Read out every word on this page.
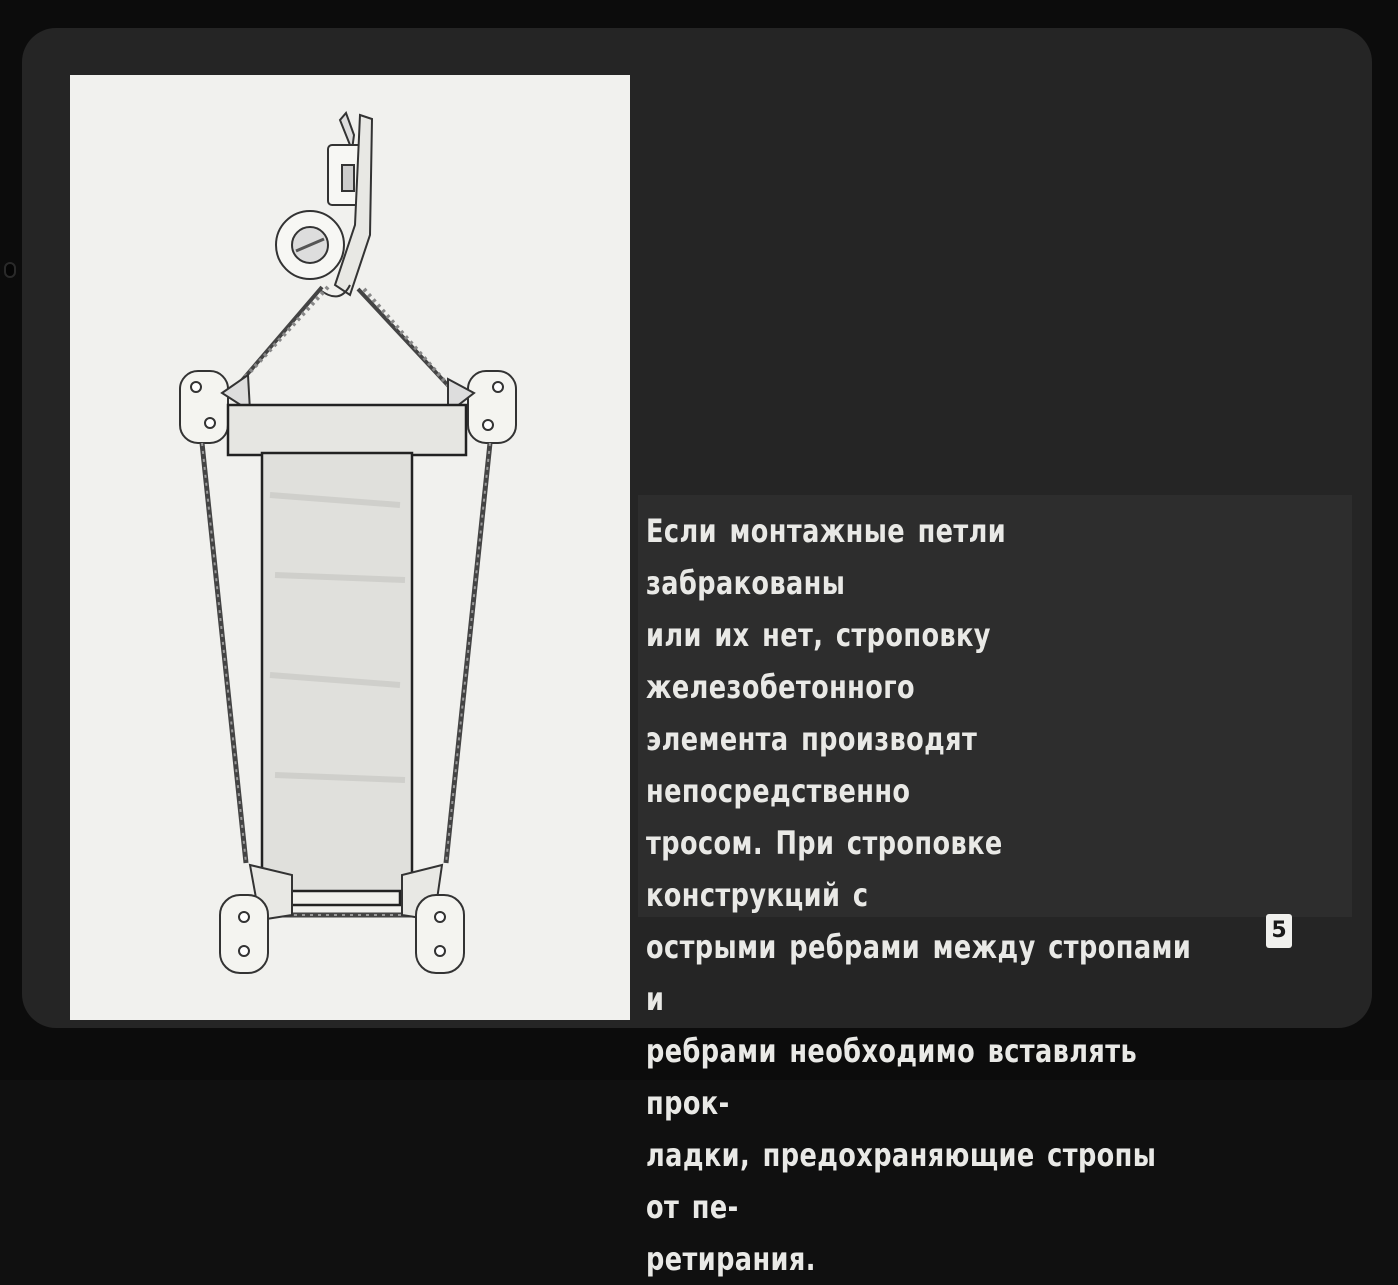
Если монтажные петли забракованы
или их нет, строповку железобетонного
элемента производят непосредственно
тросом. При строповке конструкций с
острыми ребрами между стропами и
ребрами необходимо вставлять прок-
ладки, предохраняющие стропы от пе-
ретирания.

5
